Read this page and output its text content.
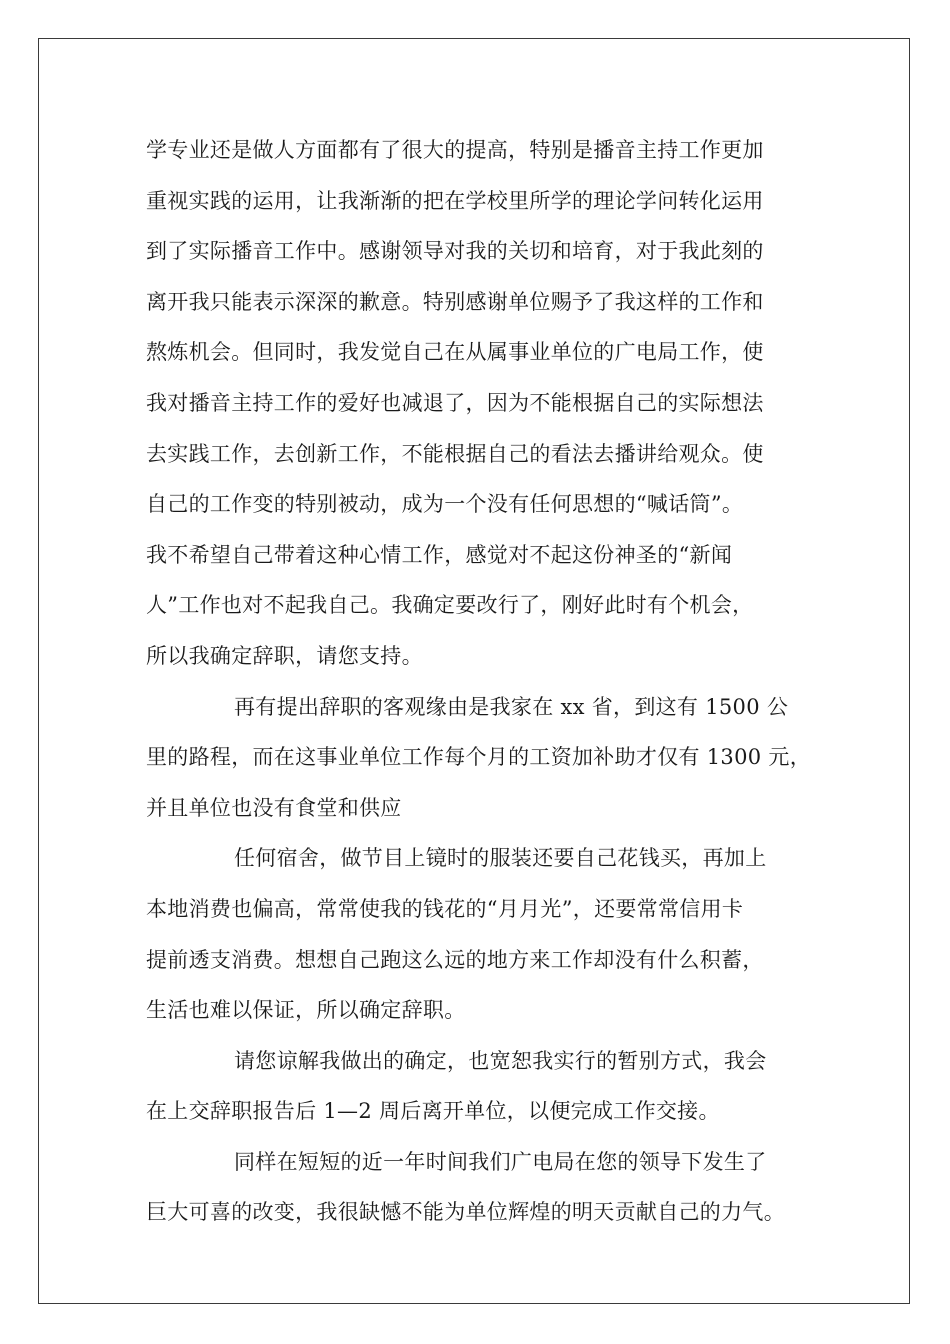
学专业还是做人方面都有了很大的提高，特别是播音主持工作更加
重视实践的运用，让我渐渐的把在学校里所学的理论学问转化运用
到了实际播音工作中。感谢领导对我的关切和培育，对于我此刻的
离开我只能表示深深的歉意。特别感谢单位赐予了我这样的工作和
熬炼机会。但同时，我发觉自己在从属事业单位的广电局工作，使
我对播音主持工作的爱好也减退了，因为不能根据自己的实际想法
去实践工作，去创新工作，不能根据自己的看法去播讲给观众。使
自己的工作变的特别被动，成为一个没有任何思想的“喊话筒”。
我不希望自己带着这种心情工作，感觉对不起这份神圣的“新闻
人”工作也对不起我自己。我确定要改行了，刚好此时有个机会，
所以我确定辞职，请您支持。
再有提出辞职的客观缘由是我家在 xx 省，到这有 1500 公
里的路程，而在这事业单位工作每个月的工资加补助才仅有 1300 元，
并且单位也没有食堂和供应
任何宿舍，做节目上镜时的服装还要自己花钱买，再加上
本地消费也偏高，常常使我的钱花的“月月光”，还要常常信用卡
提前透支消费。想想自己跑这么远的地方来工作却没有什么积蓄，
生活也难以保证，所以确定辞职。
请您谅解我做出的确定，也宽恕我实行的暂别方式，我会
在上交辞职报告后 1—2 周后离开单位，以便完成工作交接。
同样在短短的近一年时间我们广电局在您的领导下发生了
巨大可喜的改变，我很缺憾不能为单位辉煌的明天贡献自己的力气。
